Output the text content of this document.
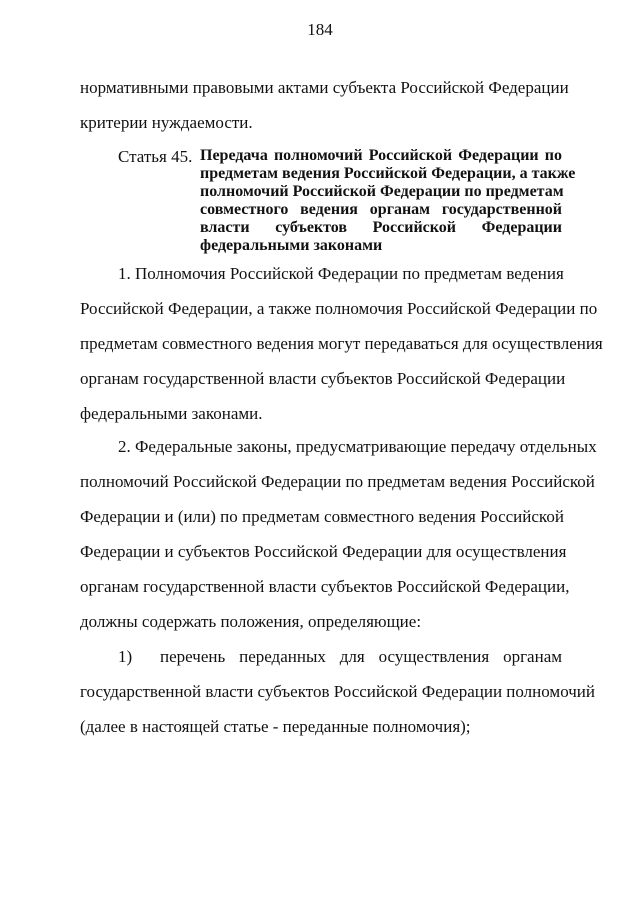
184
нормативными правовыми актами субъекта Российской Федерации
критерии нуждаемости.
Статья 45. Передача полномочий Российской Федерации по
предметам ведения Российской Федерации, а также
полномочий Российской Федерации по предметам
совместного ведения органам государственной
власти субъектов Российской Федерации
федеральными законами
1. Полномочия Российской Федерации по предметам ведения
Российской Федерации, а также полномочия Российской Федерации по
предметам совместного ведения могут передаваться для осуществления
органам государственной власти субъектов Российской Федерации
федеральными законами.
2. Федеральные законы, предусматривающие передачу отдельных
полномочий Российской Федерации по предметам ведения Российской
Федерации и (или) по предметам совместного ведения Российской
Федерации и субъектов Российской Федерации для осуществления
органам государственной власти субъектов Российской Федерации,
должны содержать положения, определяющие:
1) перечень переданных для осуществления органам
государственной власти субъектов Российской Федерации полномочий
(далее в настоящей статье - переданные полномочия);
